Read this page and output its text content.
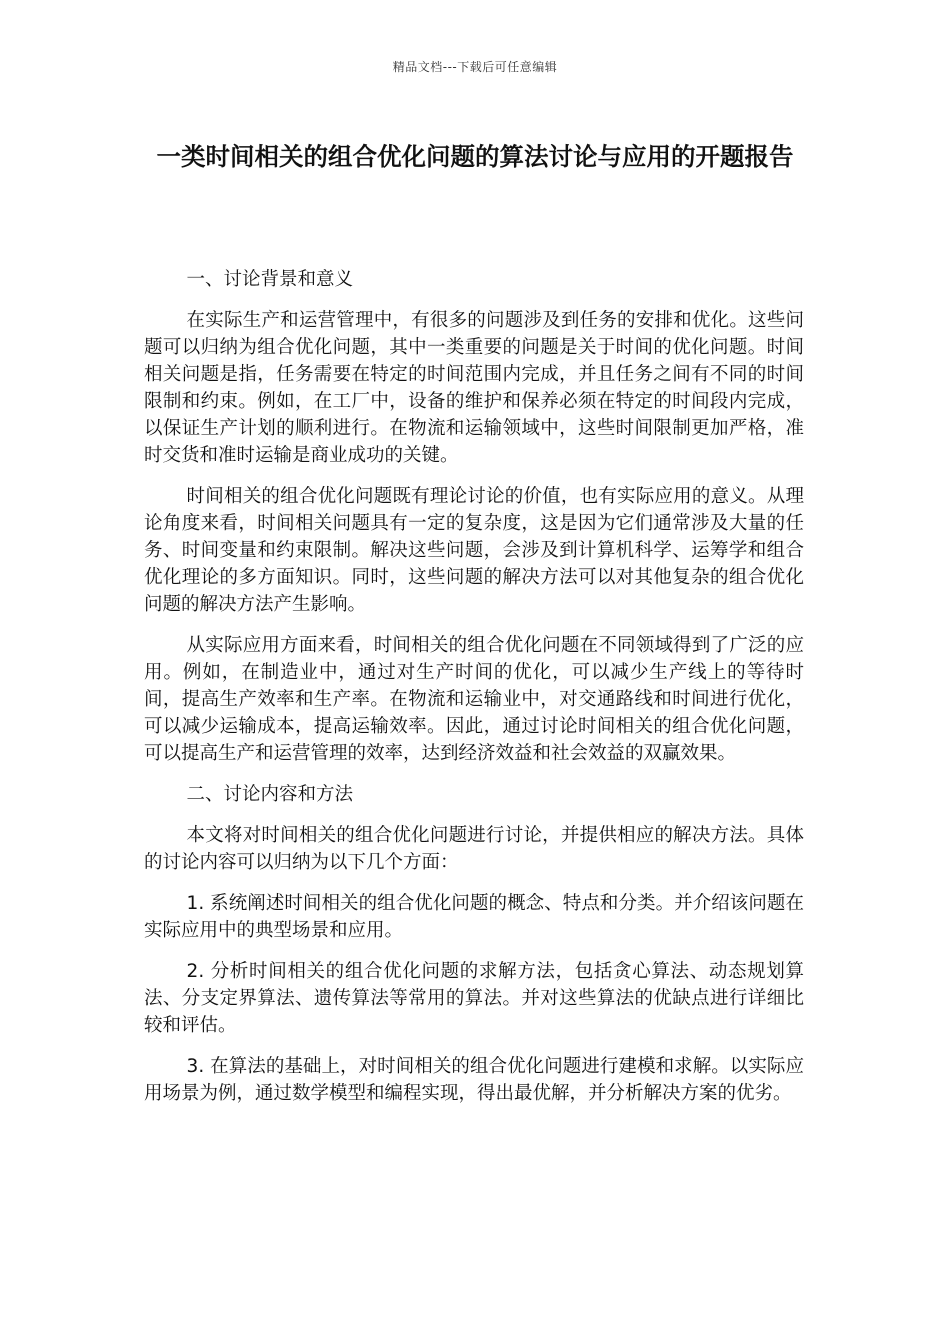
精品文档---下载后可任意编辑
一类时间相关的组合优化问题的算法讨论与应用的开题报告

一、讨论背景和意义

在实际生产和运营管理中，有很多的问题涉及到任务的安排和优化。这些问题可以归纳为组合优化问题，其中一类重要的问题是关于时间的优化问题。时间相关问题是指，任务需要在特定的时间范围内完成，并且任务之间有不同的时间限制和约束。例如，在工厂中，设备的维护和保养必须在特定的时间段内完成，以保证生产计划的顺利进行。在物流和运输领域中，这些时间限制更加严格，准时交货和准时运输是商业成功的关键。

时间相关的组合优化问题既有理论讨论的价值，也有实际应用的意义。从理论角度来看，时间相关问题具有一定的复杂度，这是因为它们通常涉及大量的任务、时间变量和约束限制。解决这些问题，会涉及到计算机科学、运筹学和组合优化理论的多方面知识。同时，这些问题的解决方法可以对其他复杂的组合优化问题的解决方法产生影响。

从实际应用方面来看，时间相关的组合优化问题在不同领域得到了广泛的应用。例如，在制造业中，通过对生产时间的优化，可以减少生产线上的等待时间，提高生产效率和生产率。在物流和运输业中，对交通路线和时间进行优化，可以减少运输成本，提高运输效率。因此，通过讨论时间相关的组合优化问题，可以提高生产和运营管理的效率，达到经济效益和社会效益的双赢效果。

二、讨论内容和方法

本文将对时间相关的组合优化问题进行讨论，并提供相应的解决方法。具体的讨论内容可以归纳为以下几个方面：

1. 系统阐述时间相关的组合优化问题的概念、特点和分类。并介绍该问题在实际应用中的典型场景和应用。

2. 分析时间相关的组合优化问题的求解方法，包括贪心算法、动态规划算法、分支定界算法、遗传算法等常用的算法。并对这些算法的优缺点进行详细比较和评估。

3. 在算法的基础上，对时间相关的组合优化问题进行建模和求解。以实际应用场景为例，通过数学模型和编程实现，得出最优解，并分析解决方案的优劣。
